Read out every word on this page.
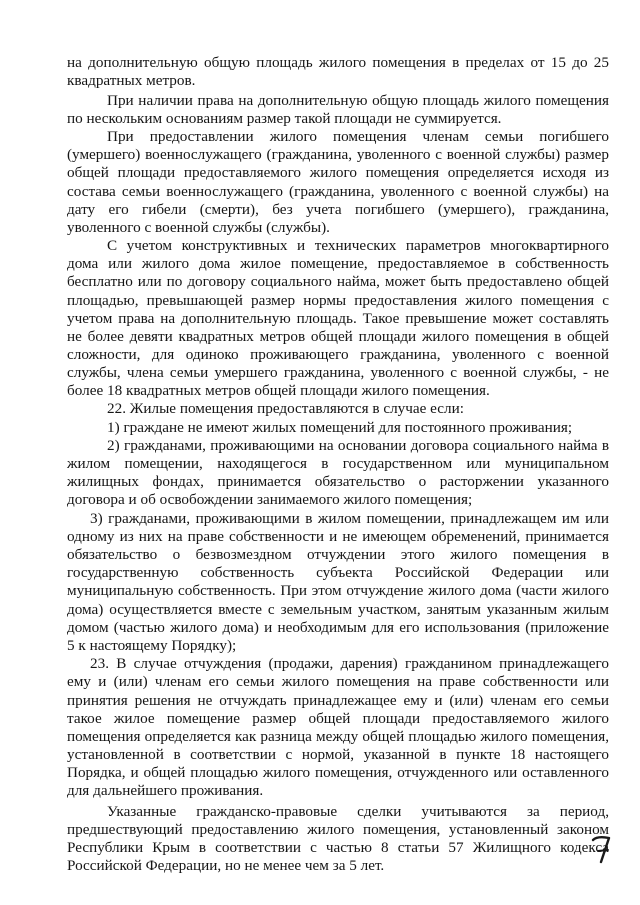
на дополнительную общую площадь жилого помещения в пределах от 15 до 25
квадратных метров.
При наличии права на дополнительную общую площадь жилого помещения
по нескольким основаниям размер такой площади не суммируется.
При предоставлении жилого помещения членам семьи погибшего
(умершего) военнослужащего (гражданина, уволенного с военной службы) размер
общей площади предоставляемого жилого помещения определяется исходя из
состава семьи военнослужащего (гражданина, уволенного с военной службы) на
дату его гибели (смерти), без учета погибшего (умершего), гражданина,
уволенного с военной службы (службы).
С учетом конструктивных и технических параметров многоквартирного
дома или жилого дома жилое помещение, предоставляемое в собственность
бесплатно или по договору социального найма, может быть предоставлено общей
площадью, превышающей размер нормы предоставления жилого помещения с
учетом права на дополнительную площадь. Такое превышение может составлять
не более девяти квадратных метров общей площади жилого помещения в общей
сложности, для одиноко проживающего гражданина, уволенного с военной
службы, члена семьи умершего гражданина, уволенного с военной службы, - не
более 18 квадратных метров общей площади жилого помещения.
22. Жилые помещения предоставляются в случае если:
1) граждане не имеют жилых помещений для постоянного проживания;
2) гражданами, проживающими на основании договора социального найма в
жилом помещении, находящегося в государственном или муниципальном
жилищных фондах, принимается обязательство о расторжении указанного
договора и об освобождении занимаемого жилого помещения;
3) гражданами, проживающими в жилом помещении, принадлежащем им или
одному из них на праве собственности и не имеющем обременений, принимается
обязательство о безвозмездном отчуждении этого жилого помещения в
государственную собственность субъекта Российской Федерации или
муниципальную собственность. При этом отчуждение жилого дома (части жилого
дома) осуществляется вместе с земельным участком, занятым указанным жилым
домом (частью жилого дома) и необходимым для его использования (приложение
5 к настоящему Порядку);
23. В случае отчуждения (продажи, дарения) гражданином принадлежащего
ему и (или) членам его семьи жилого помещения на праве собственности или
принятия решения не отчуждать принадлежащее ему и (или) членам его семьи
такое жилое помещение размер общей площади предоставляемого жилого
помещения определяется как разница между общей площадью жилого помещения,
установленной в соответствии с нормой, указанной в пункте 18 настоящего
Порядка, и общей площадью жилого помещения, отчужденного или оставленного
для дальнейшего проживания.
Указанные гражданско-правовые сделки учитываются за период,
предшествующий предоставлению жилого помещения, установленный законом
Республики Крым в соответствии с частью 8 статьи 57 Жилищного кодекса
Российской Федерации, но не менее чем за 5 лет.
